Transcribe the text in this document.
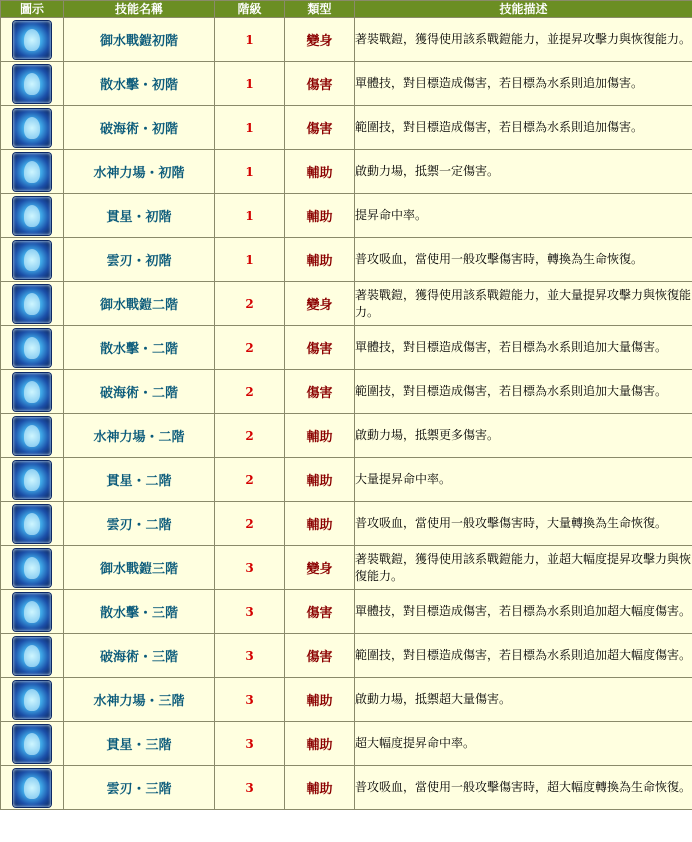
圖示	技能名稱	階級	類型	技能描述

	御水戰鎧初階	1	變身	著裝戰鎧，獲得使用該系戰鎧能力，並提昇攻擊力與恢復能力。

	散水擊・初階	1	傷害	單體技，對目標造成傷害，若目標為水系則追加傷害。

	破海術・初階	1	傷害	範圍技，對目標造成傷害，若目標為水系則追加傷害。

	水神力場・初階	1	輔助	啟動力場，抵禦一定傷害。

	貫星・初階	1	輔助	提昇命中率。

	雲刃・初階	1	輔助	普攻吸血，當使用一般攻擊傷害時，轉換為生命恢復。

	御水戰鎧二階	2	變身	著裝戰鎧，獲得使用該系戰鎧能力，並大量提昇攻擊力與恢復能力。

	散水擊・二階	2	傷害	單體技，對目標造成傷害，若目標為水系則追加大量傷害。

	破海術・二階	2	傷害	範圍技，對目標造成傷害，若目標為水系則追加大量傷害。

	水神力場・二階	2	輔助	啟動力場，抵禦更多傷害。

	貫星・二階	2	輔助	大量提昇命中率。

	雲刃・二階	2	輔助	普攻吸血，當使用一般攻擊傷害時，大量轉換為生命恢復。

	御水戰鎧三階	3	變身	著裝戰鎧，獲得使用該系戰鎧能力，並超大幅度提昇攻擊力與恢復能力。

	散水擊・三階	3	傷害	單體技，對目標造成傷害，若目標為水系則追加超大幅度傷害。

	破海術・三階	3	傷害	範圍技，對目標造成傷害，若目標為水系則追加超大幅度傷害。

	水神力場・三階	3	輔助	啟動力場，抵禦超大量傷害。

	貫星・三階	3	輔助	超大幅度提昇命中率。

	雲刃・三階	3	輔助	普攻吸血，當使用一般攻擊傷害時，超大幅度轉換為生命恢復。
